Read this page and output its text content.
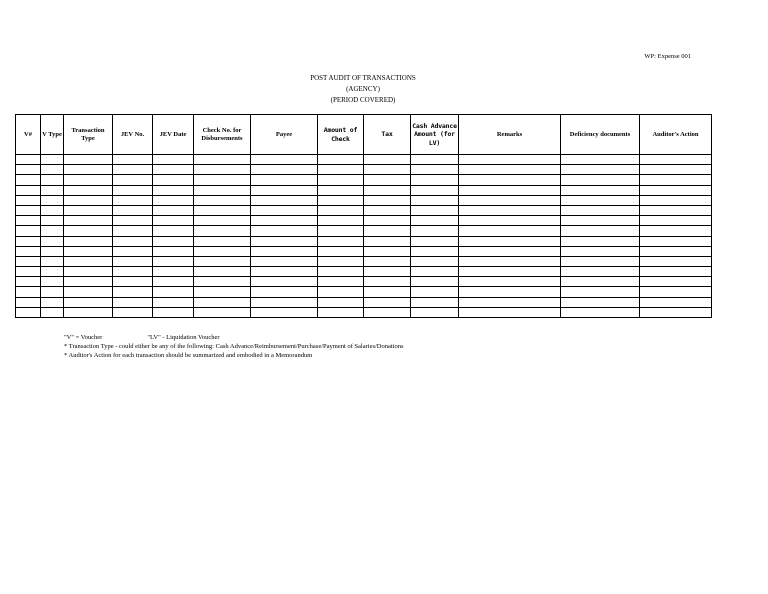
WP: Expense 001
POST AUDIT OF TRANSACTIONS
(AGENCY)
(PERIOD COVERED)
V#	V Type	Transaction Type	JEV No.	JEV Date	Check No. for Disbursements	Payee	Amount of Check	Tax	Cash Advance Amount (for LV)	Remarks	Deficiency documents	Auditor's Action

"V" = Voucher	"LV" - Liquidation Voucher
* Transaction Type - could either be any of the following: Cash Advance/Reimbursement/Purchase/Payment of Salaries/Donations
* Auditor's Action for each transaction should be summarized and embodied in a Memorandum
